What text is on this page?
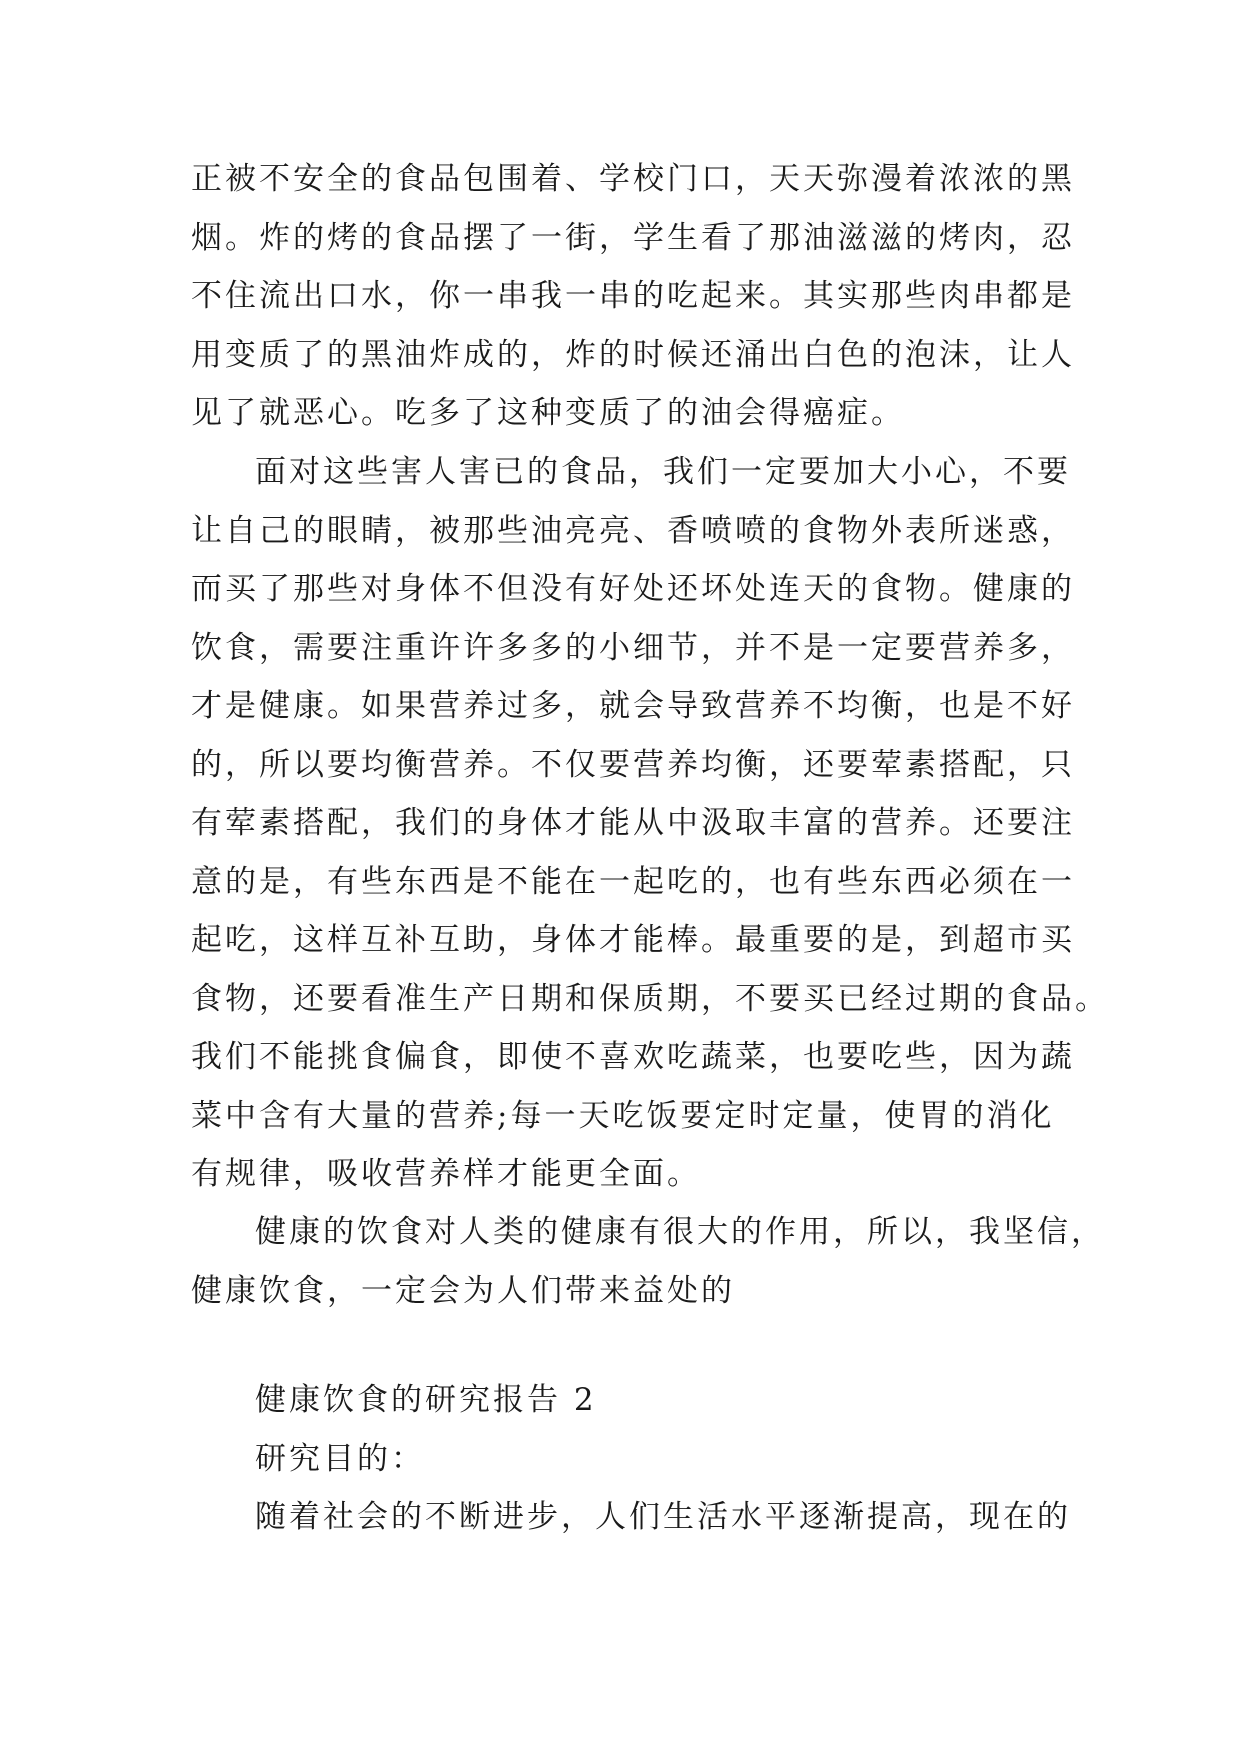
正被不安全的食品包围着、学校门口，天天弥漫着浓浓的黑
烟。炸的烤的食品摆了一街，学生看了那油滋滋的烤肉，忍
不住流出口水，你一串我一串的吃起来。其实那些肉串都是
用变质了的黑油炸成的，炸的时候还涌出白色的泡沫，让人
见了就恶心。吃多了这种变质了的油会得癌症。
面对这些害人害已的食品，我们一定要加大小心，不要
让自己的眼睛，被那些油亮亮、香喷喷的食物外表所迷惑，
而买了那些对身体不但没有好处还坏处连天的食物。健康的
饮食，需要注重许许多多的小细节，并不是一定要营养多，
才是健康。如果营养过多，就会导致营养不均衡，也是不好
的，所以要均衡营养。不仅要营养均衡，还要荤素搭配，只
有荤素搭配，我们的身体才能从中汲取丰富的营养。还要注
意的是，有些东西是不能在一起吃的，也有些东西必须在一
起吃，这样互补互助，身体才能棒。最重要的是，到超市买
食物，还要看准生产日期和保质期，不要买已经过期的食品。
我们不能挑食偏食，即使不喜欢吃蔬菜，也要吃些，因为蔬
菜中含有大量的营养;每一天吃饭要定时定量，使胃的消化
有规律，吸收营养样才能更全面。
健康的饮食对人类的健康有很大的作用，所以，我坚信，
健康饮食，一定会为人们带来益处的
健康饮食的研究报告 2
研究目的：
随着社会的不断进步，人们生活水平逐渐提高，现在的
